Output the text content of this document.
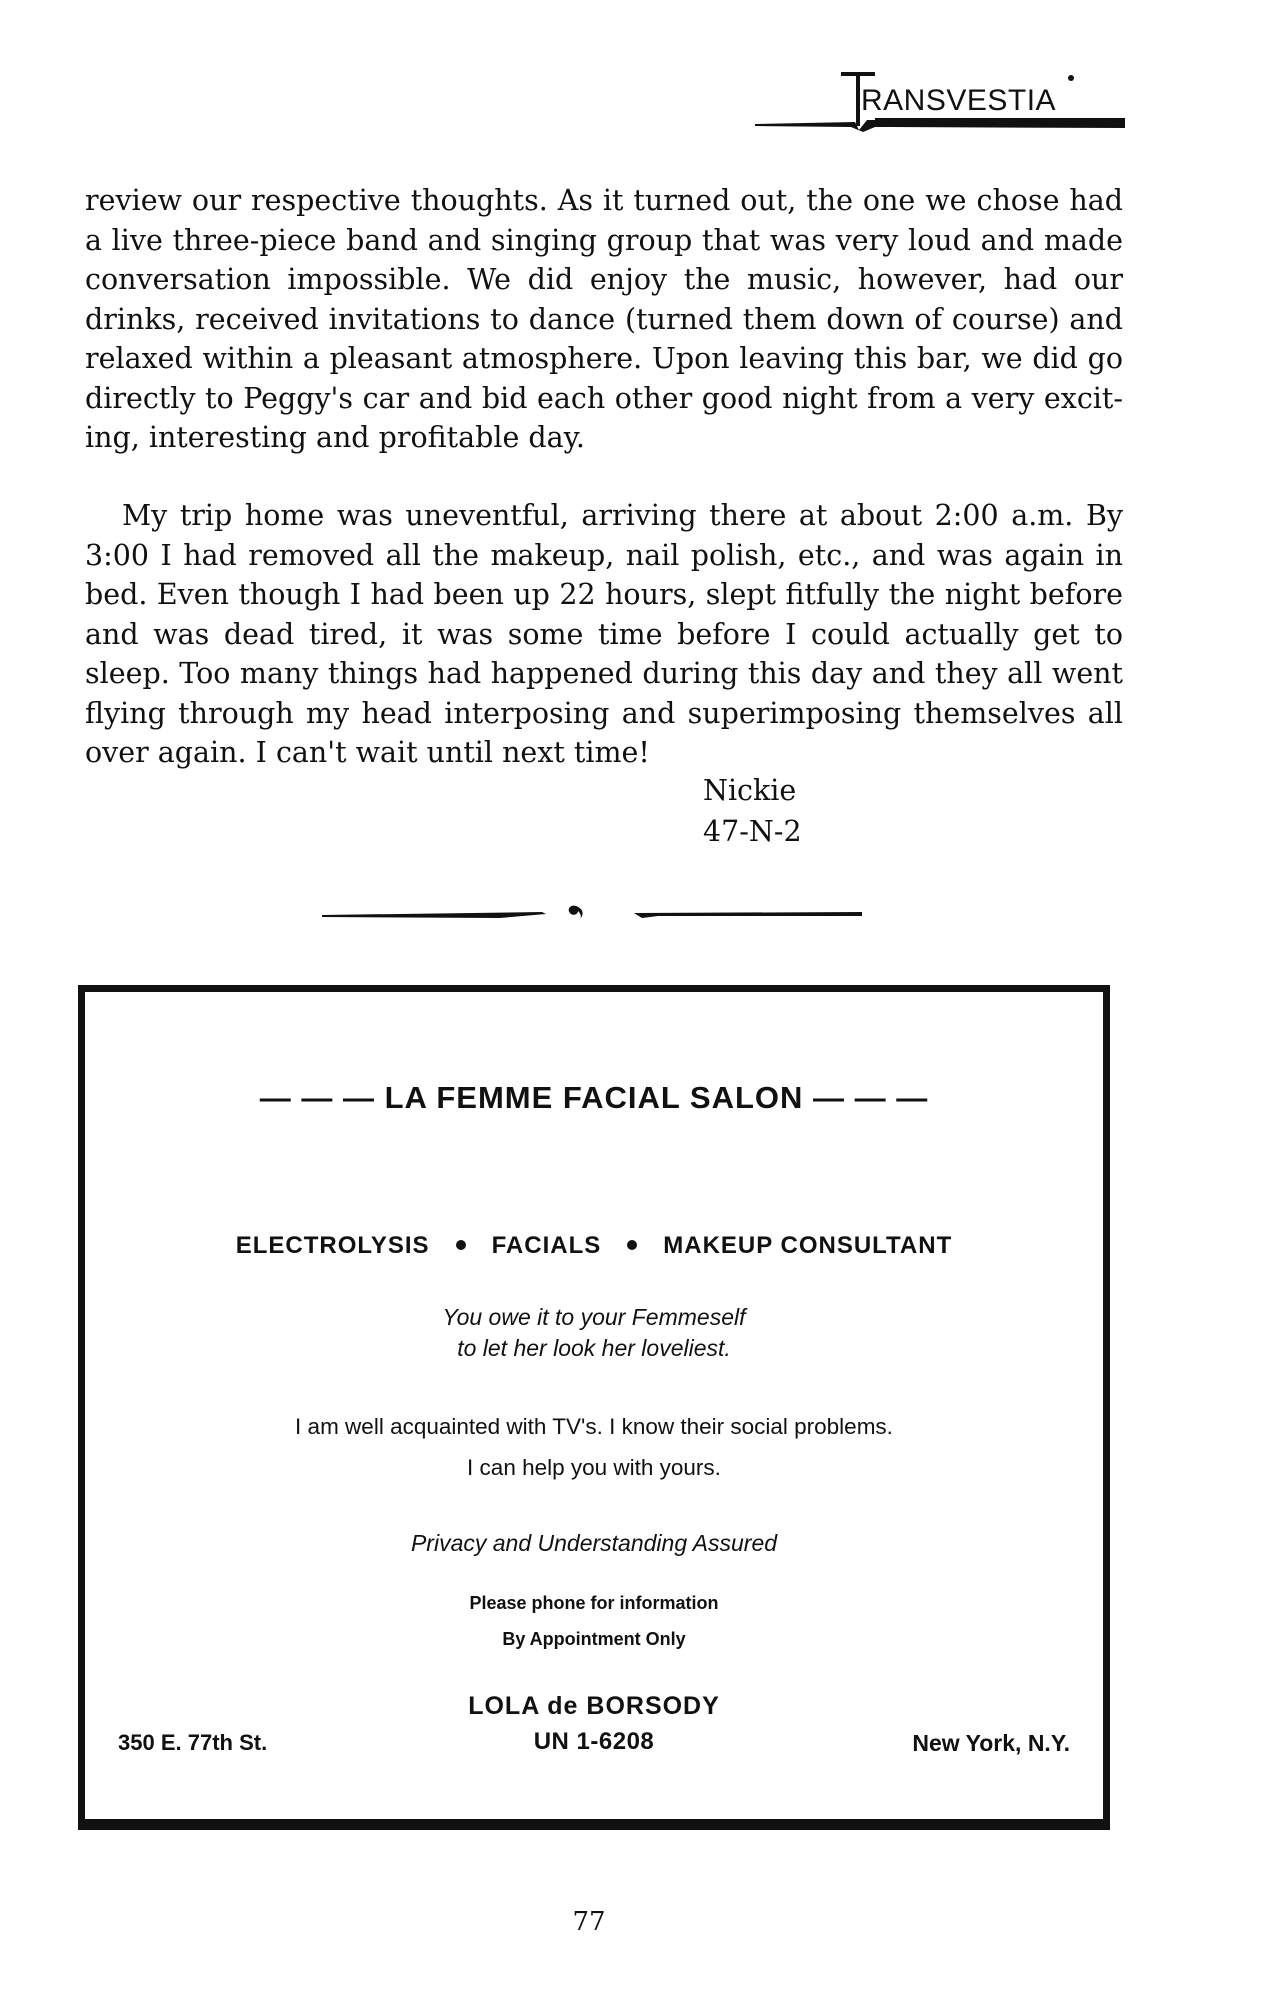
RANSVESTIA

review our respective thoughts. As it turned out, the one we chose had a live three-piece band and singing group that was very loud and made conversation impossible. We did enjoy the music, however, had our drinks, received invitations to dance (turned them down of course) and relaxed within a pleasant atmosphere. Upon leaving this bar, we did go directly to Peggy's car and bid each other good night from a very excit-ing, interesting and profitable day.

My trip home was uneventful, arriving there at about 2:00 a.m. By 3:00 I had removed all the makeup, nail polish, etc., and was again in bed. Even though I had been up 22 hours, slept fitfully the night before and was dead tired, it was some time before I could actually get to sleep. Too many things had happened during this day and they all went flying through my head interposing and superimposing themselves all over again. I can't wait until next time!

Nickie
47-N-2
— — — LA FEMME FACIAL SALON — — —
ELECTROLYSIS	FACIALS	MAKEUP CONSULTANT
You owe it to your Femmeself
to let her look her loveliest.
I am well acquainted with TV's. I know their social problems.
I can help you with yours.
Privacy and Understanding Assured
Please phone for information
By Appointment Only
LOLA de BORSODY
UN 1-6208
350 E. 77th St.	New York, N.Y.
77
